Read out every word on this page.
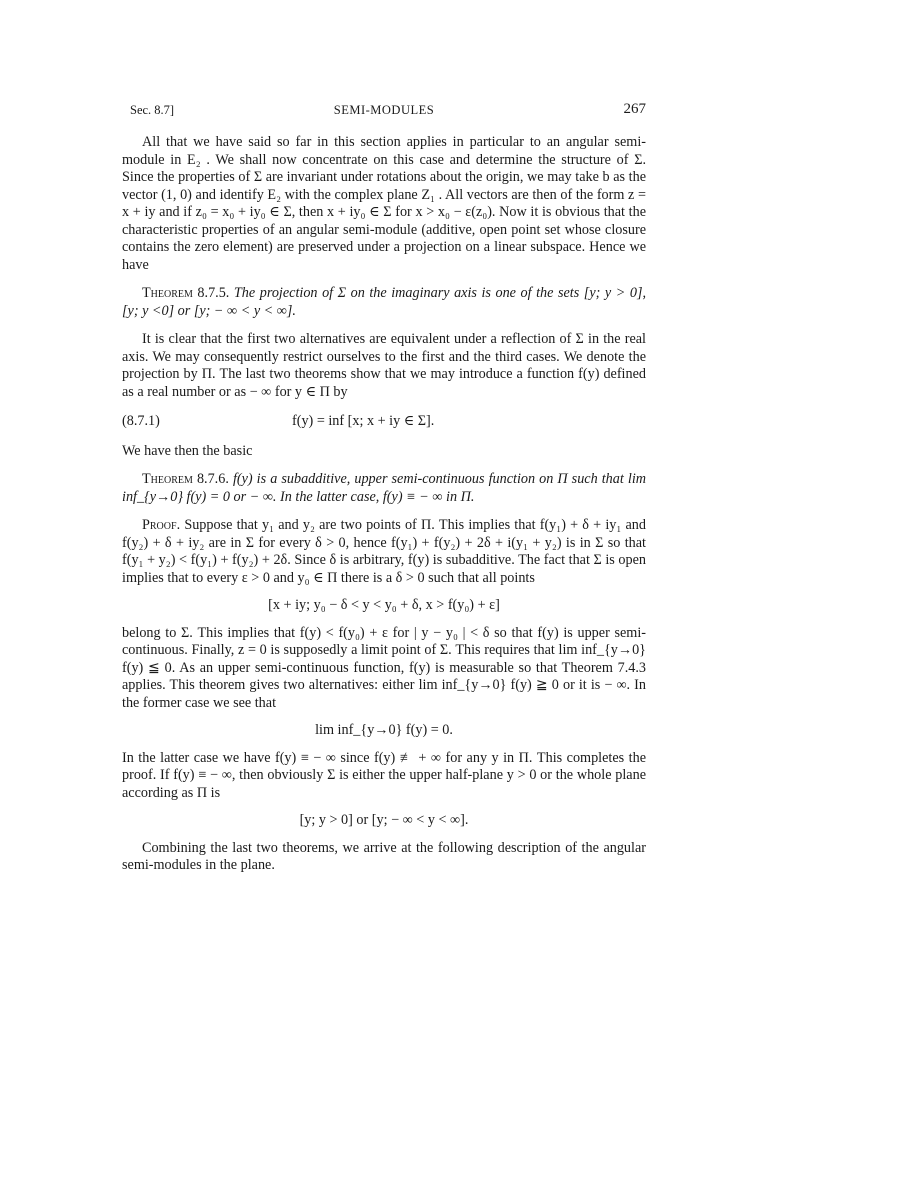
Sec. 8.7]	SEMI-MODULES	267

All that we have said so far in this section applies in particular to an angular semi-module in E₂ . We shall now concentrate on this case and determine the structure of Σ. Since the properties of Σ are invariant under rotations about the origin, we may take b as the vector (1, 0) and identify E₂ with the complex plane Z₁ . All vectors are then of the form z = x + iy and if z₀ = x₀ + iy₀ ∈ Σ, then x + iy₀ ∈ Σ for x > x₀ − ε(z₀). Now it is obvious that the characteristic properties of an angular semi-module (additive, open point set whose closure contains the zero element) are preserved under a projection on a linear subspace. Hence we have

Theorem 8.7.5. The projection of Σ on the imaginary axis is one of the sets [y; y > 0], [y; y <0] or [y; − ∞ < y < ∞].

It is clear that the first two alternatives are equivalent under a reflection of Σ in the real axis. We may consequently restrict ourselves to the first and the third cases. We denote the projection by Π. The last two theorems show that we may introduce a function f(y) defined as a real number or as − ∞ for y ∈ Π by

(8.7.1)	f(y) = inf [x; x + iy ∈ Σ].

We have then the basic

Theorem 8.7.6. f(y) is a subadditive, upper semi-continuous function on Π such that lim inf_{y→0} f(y) = 0 or − ∞. In the latter case, f(y) ≡ − ∞ in Π.

Proof. Suppose that y₁ and y₂ are two points of Π. This implies that f(y₁) + δ + iy₁ and f(y₂) + δ + iy₂ are in Σ for every δ > 0, hence f(y₁) + f(y₂) + 2δ + i(y₁ + y₂) is in Σ so that f(y₁ + y₂) < f(y₁) + f(y₂) + 2δ. Since δ is arbitrary, f(y) is subadditive. The fact that Σ is open implies that to every ε > 0 and y₀ ∈ Π there is a δ > 0 such that all points

[x + iy; y₀ − δ < y < y₀ + δ, x > f(y₀) + ε]

belong to Σ. This implies that f(y) < f(y₀) + ε for | y − y₀ | < δ so that f(y) is upper semi-continuous. Finally, z = 0 is supposedly a limit point of Σ. This requires that lim inf_{y→0} f(y) ≦ 0. As an upper semi-continuous function, f(y) is measurable so that Theorem 7.4.3 applies. This theorem gives two alternatives: either lim inf_{y→0} f(y) ≧ 0 or it is − ∞. In the former case we see that

lim inf_{y→0} f(y) = 0.

In the latter case we have f(y) ≡ − ∞ since f(y) ≢ + ∞ for any y in Π. This completes the proof. If f(y) ≡ − ∞, then obviously Σ is either the upper half-plane y > 0 or the whole plane according as Π is

[y; y > 0] or [y; − ∞ < y < ∞].

Combining the last two theorems, we arrive at the following description of the angular semi-modules in the plane.
